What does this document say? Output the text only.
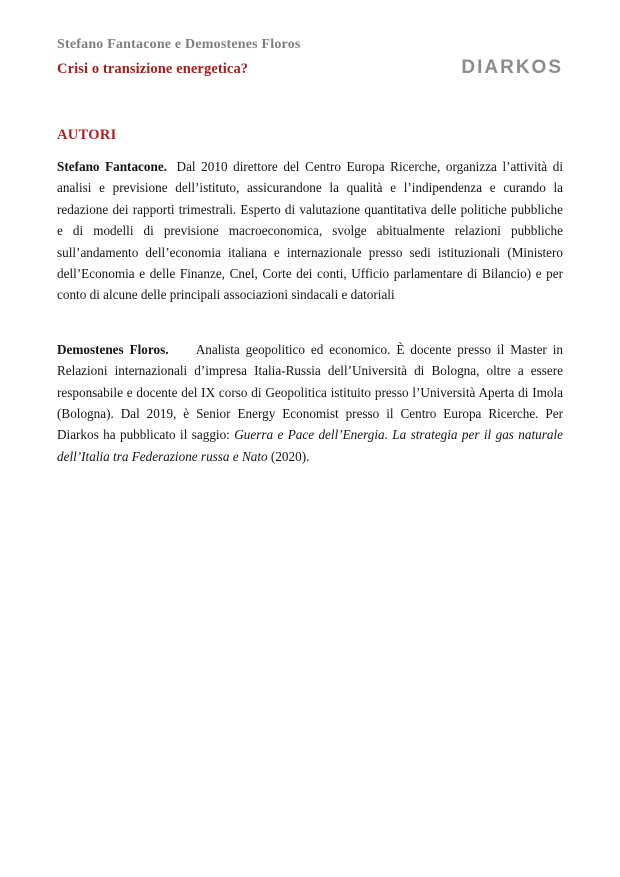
Stefano Fantacone e Demostenes Floros
Crisi o transizione energetica?	DIARKOS
AUTORI

Stefano Fantacone. Dal 2010 direttore del Centro Europa Ricerche, organizza l’attività di analisi e previsione dell’istituto, assicurandone la qualità e l’indipendenza e curando la redazione dei rapporti trimestrali. Esperto di valutazione quantitativa delle politiche pubbliche e di modelli di previsione macroeconomica, svolge abitualmente relazioni pubbliche sull’andamento dell’economia italiana e internazionale presso sedi istituzionali (Ministero dell’Economia e delle Finanze, Cnel, Corte dei conti, Ufficio parlamentare di Bilancio) e per conto di alcune delle principali associazioni sindacali e datoriali

Demostenes Floros. Analista geopolitico ed economico. È docente presso il Master in Relazioni internazionali d’impresa Italia-Russia dell’Università di Bologna, oltre a essere responsabile e docente del IX corso di Geopolitica istituito presso l’Università Aperta di Imola (Bologna). Dal 2019, è Senior Energy Economist presso il Centro Europa Ricerche. Per Diarkos ha pubblicato il saggio: Guerra e Pace dell’Energia. La strategia per il gas naturale dell’Italia tra Federazione russa e Nato (2020).
